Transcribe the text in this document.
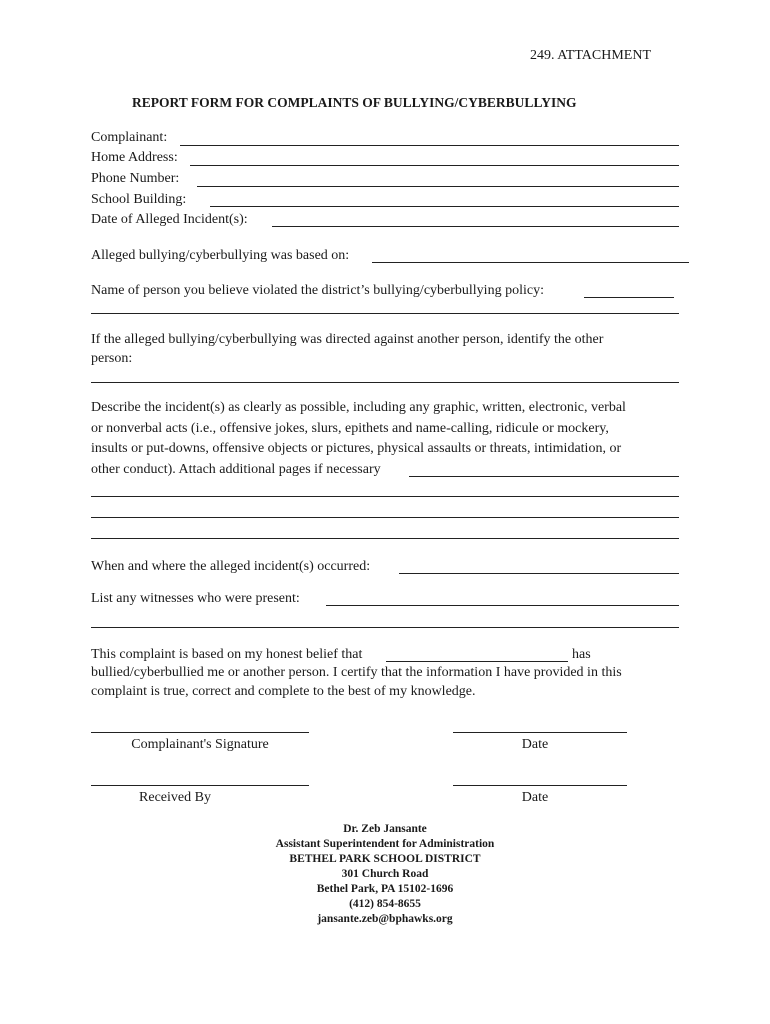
249. ATTACHMENT
REPORT FORM FOR COMPLAINTS OF BULLYING/CYBERBULLYING
Complainant:
Home Address:
Phone Number:
School Building:
Date of Alleged Incident(s):
Alleged bullying/cyberbullying was based on:
Name of person you believe violated the district’s bullying/cyberbullying policy:
If the alleged bullying/cyberbullying was directed against another person, identify the other
person:
Describe the incident(s) as clearly as possible, including any graphic, written, electronic, verbal
or nonverbal acts (i.e., offensive jokes, slurs, epithets and name-calling, ridicule or mockery,
insults or put-downs, offensive objects or pictures, physical assaults or threats, intimidation, or
other conduct). Attach additional pages if necessary
When and where the alleged incident(s) occurred:
List any witnesses who were present:
This complaint is based on my honest belief that	has
bullied/cyberbullied me or another person. I certify that the information I have provided in this
complaint is true, correct and complete to the best of my knowledge.
Complainant's Signature	Date
Received By	Date
Dr. Zeb Jansante
Assistant Superintendent for Administration
BETHEL PARK SCHOOL DISTRICT
301 Church Road
Bethel Park, PA 15102-1696
(412) 854-8655
jansante.zeb@bphawks.org
